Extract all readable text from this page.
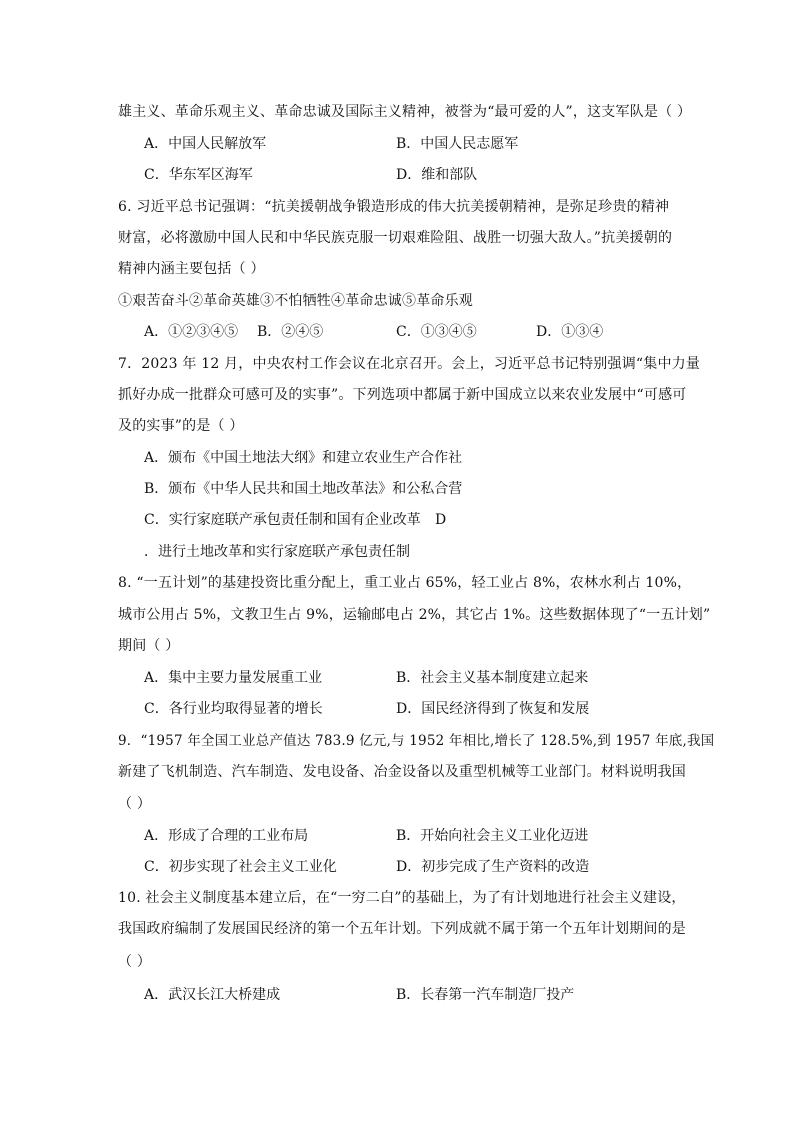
雄主义、革命乐观主义、革命忠诚及国际主义精神，被誉为“最可爱的人”，这支军队是（ ）
A．中国人民解放军	B．中国人民志愿军
C．华东军区海军	D．维和部队
6. 习近平总书记强调：“抗美援朝战争锻造形成的伟大抗美援朝精神，是弥足珍贵的精神
财富，必将激励中国人民和中华民族克服一切艰难险阻、战胜一切强大敌人。”抗美援朝的
精神内涵主要包括（ ）
①艰苦奋斗②革命英雄③不怕牺牲④革命忠诚⑤革命乐观
A．①②③④⑤ B．②④⑤	C．①③④⑤	D．①③④
7．2023 年 12 月，中央农村工作会议在北京召开。会上，习近平总书记特别强调“集中力量
抓好办成一批群众可感可及的实事”。下列选项中都属于新中国成立以来农业发展中“可感可
及的实事”的是（ ）
A．颁布《中国土地法大纲》和建立农业生产合作社
B．颁布《中华人民共和国土地改革法》和公私合营
C．实行家庭联产承包责任制和国有企业改革 D
．进行土地改革和实行家庭联产承包责任制
8. “一五计划”的基建投资比重分配上，重工业占 65%，轻工业占 8%，农林水利占 10%，
城市公用占 5%，文教卫生占 9%，运输邮电占 2%，其它占 1%。这些数据体现了“一五计划”
期间（ ）
A．集中主要力量发展重工业	B．社会主义基本制度建立起来
C．各行业均取得显著的增长	D．国民经济得到了恢复和发展
9．“1957 年全国工业总产值达 783.9 亿元,与 1952 年相比,增长了 128.5%,到 1957 年底,我国
新建了飞机制造、汽车制造、发电设备、冶金设备以及重型机械等工业部门。材料说明我国
（ ）
A．形成了合理的工业布局	B．开始向社会主义工业化迈进
C．初步实现了社会主义工业化	D．初步完成了生产资料的改造
10. 社会主义制度基本建立后，在“一穷二白”的基础上，为了有计划地进行社会主义建设，
我国政府编制了发展国民经济的第一个五年计划。下列成就不属于第一个五年计划期间的是
（ ）
A．武汉长江大桥建成	B．长春第一汽车制造厂投产
